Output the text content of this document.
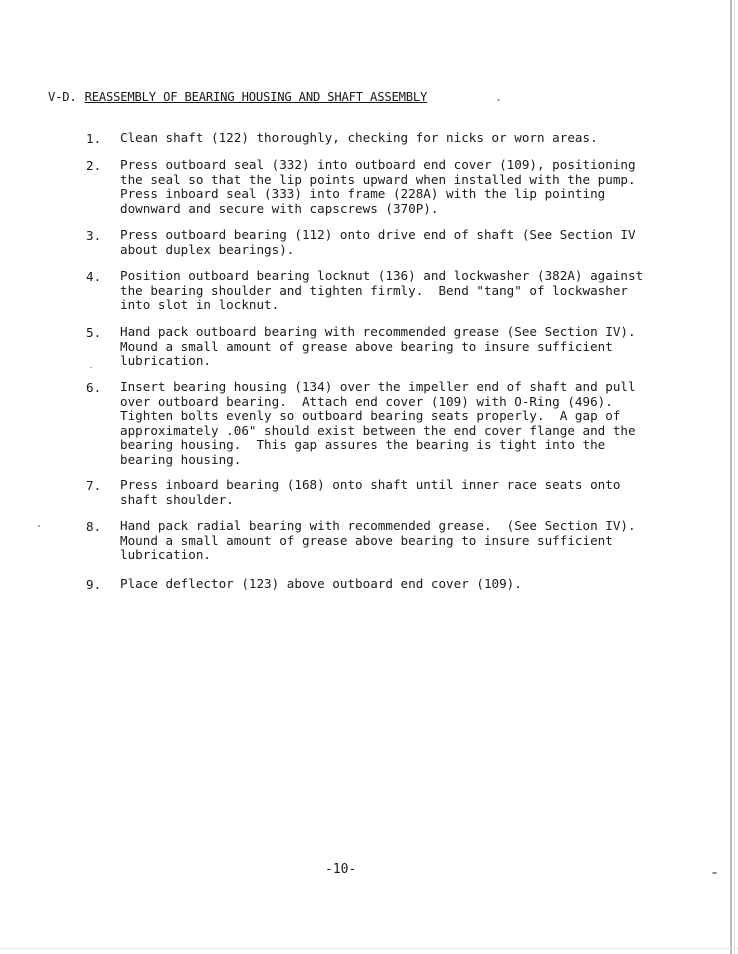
V-D. REASSEMBLY OF BEARING HOUSING AND SHAFT ASSEMBLY
1. Clean shaft (122) thoroughly, checking for nicks or worn areas.
2. Press outboard seal (332) into outboard end cover (109), positioning
the seal so that the lip points upward when installed with the pump.
Press inboard seal (333) into frame (228A) with the lip pointing
downward and secure with capscrews (370P).
3. Press outboard bearing (112) onto drive end of shaft (See Section IV
about duplex bearings).
4. Position outboard bearing locknut (136) and lockwasher (382A) against
the bearing shoulder and tighten firmly.  Bend "tang" of lockwasher
into slot in locknut.
5. Hand pack outboard bearing with recommended grease (See Section IV).
Mound a small amount of grease above bearing to insure sufficient
lubrication.
6. Insert bearing housing (134) over the impeller end of shaft and pull
over outboard bearing.  Attach end cover (109) with O-Ring (496).
Tighten bolts evenly so outboard bearing seats properly.  A gap of
approximately .06" should exist between the end cover flange and the
bearing housing.  This gap assures the bearing is tight into the
bearing housing.
7. Press inboard bearing (168) onto shaft until inner race seats onto
shaft shoulder.
8. Hand pack radial bearing with recommended grease.  (See Section IV).
Mound a small amount of grease above bearing to insure sufficient
lubrication.
9. Place deflector (123) above outboard end cover (109).
-10-
